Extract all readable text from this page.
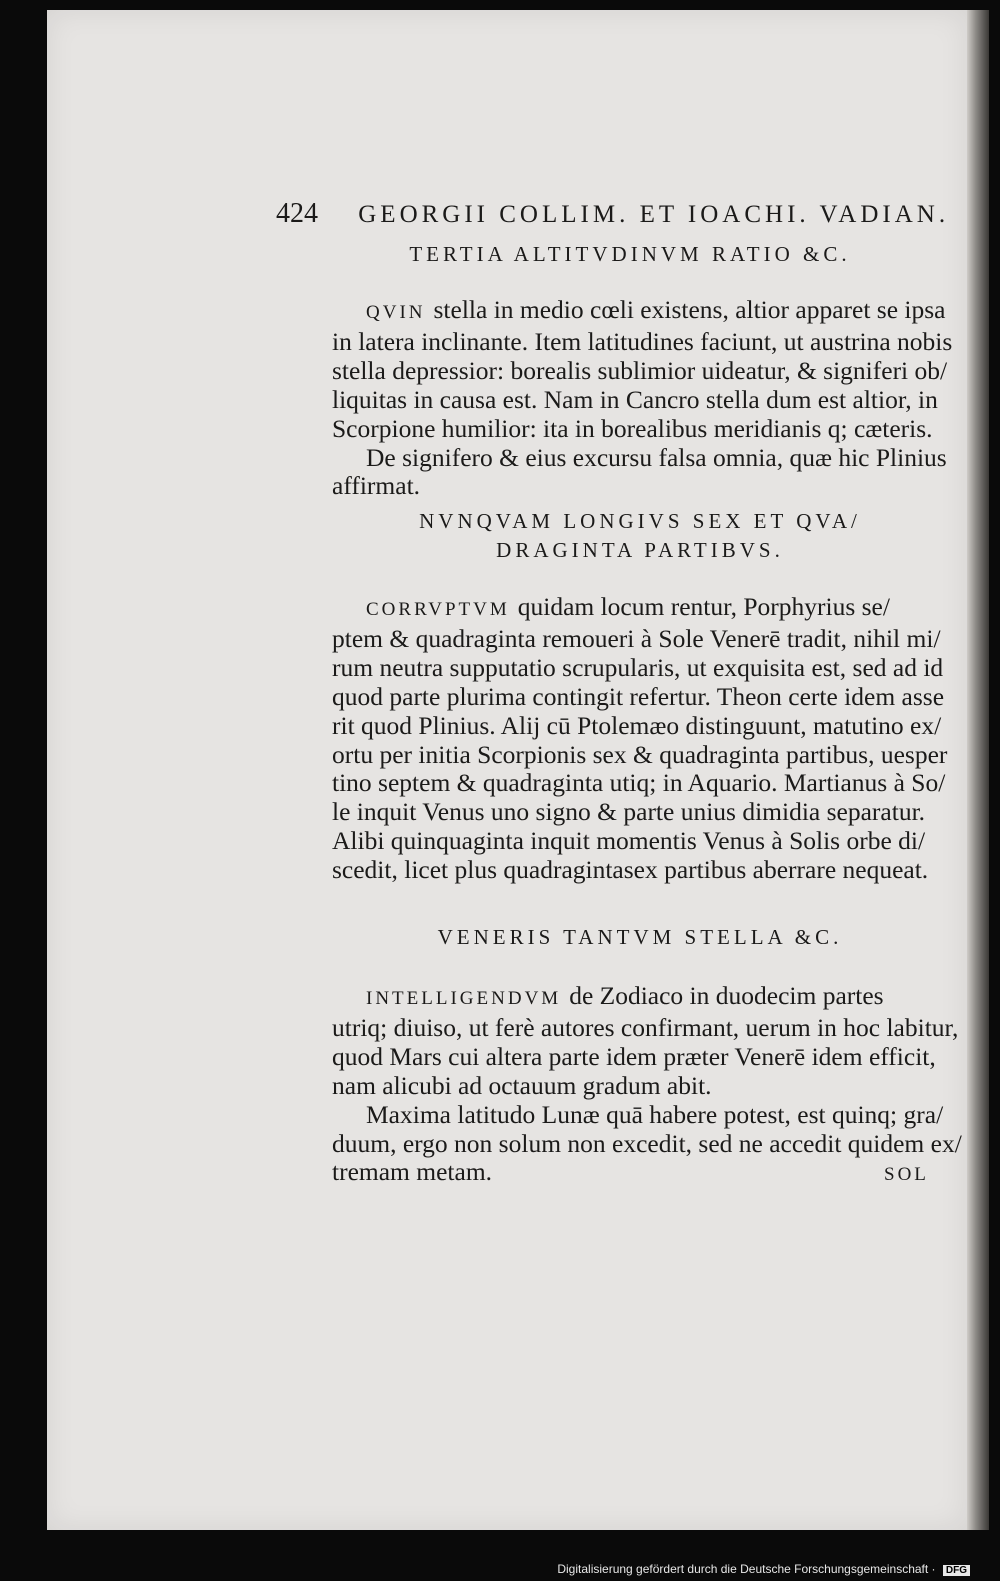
424 GEORGII COLLIM. ET IOACHI. VADIAN.
TERTIA ALTITVDINVM RATIO &C.
QVIN stella in medio cœli existens, altior apparet se ipsa
in latera inclinante. Item latitudines faciunt, ut austrina nobis
stella depressior: borealis sublimior uideatur, & signiferi ob/
liquitas in causa est. Nam in Cancro stella dum est altior, in
Scorpione humilior: ita in borealibus meridianis q; cæteris.
De signifero & eius excursu falsa omnia, quæ hic Plinius
affirmat.
NVNQVAM LONGIVS SEX ET QVA/
DRAGINTA PARTIBVS.
CORRVPTVM quidam locum rentur, Porphyrius se/
ptem & quadraginta remoueri à Sole Venerē tradit, nihil mi/
rum neutra supputatio scrupularis, ut exquisita est, sed ad id
quod parte plurima contingit refertur. Theon certe idem asse
rit quod Plinius. Alij cū Ptolemæo distinguunt, matutino ex/
ortu per initia Scorpionis sex & quadraginta partibus, uesper
tino septem & quadraginta utiq; in Aquario. Martianus à So/
le inquit Venus uno signo & parte unius dimidia separatur.
Alibi quinquaginta inquit momentis Venus à Solis orbe di/
scedit, licet plus quadragintasex partibus aberrare nequeat.
VENERIS TANTVM STELLA &C.
INTELLIGENDVM de Zodiaco in duodecim partes
utriq; diuiso, ut ferè autores confirmant, uerum in hoc labitur,
quod Mars cui altera parte idem præter Venerē idem efficit,
nam alicubi ad octauum gradum abit.
Maxima latitudo Lunæ quā habere potest, est quinq; gra/
duum, ergo non solum non excedit, sed ne accedit quidem ex/
tremam metam.	SOL
Digitalisierung gefördert durch die Deutsche Forschungsgemeinschaft · DFG
